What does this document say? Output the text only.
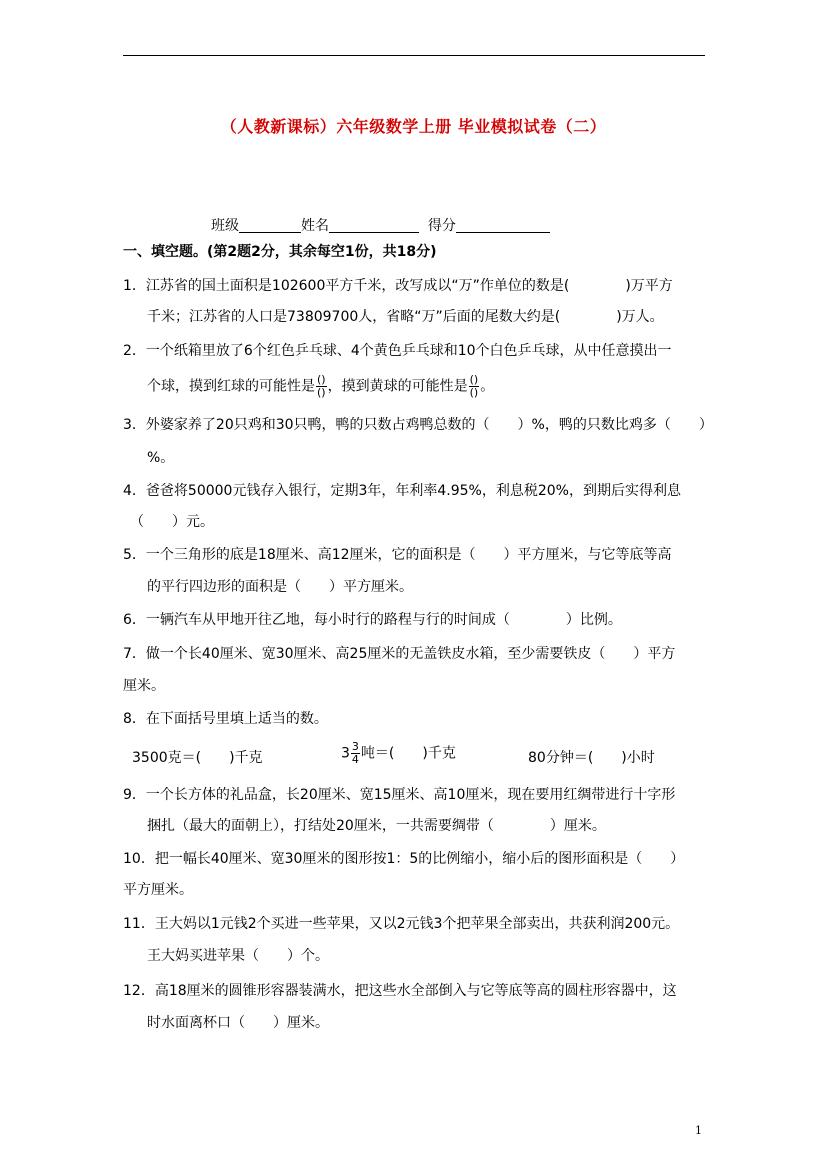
（人教新课标）六年级数学上册 毕业模拟试卷（二）
班级	姓名	得分
一、填空题。(第2题2分，其余每空1份，共18分)
1．江苏省的国土面积是102600平方千米，改写成以“万”作单位的数是(　　　　)万平方
千米；江苏省的人口是73809700人，省略“万”后面的尾数大约是(　　　　)万人。
2．一个纸箱里放了6个红色乒乓球、4个黄色乒乓球和10个白色乒乓球，从中任意摸出一
个球，摸到红球的可能性是 $\frac{()}{()}$ ，摸到黄球的可能性是 $\frac{()}{()}$ 。
3．外婆家养了20只鸡和30只鸭，鸭的只数占鸡鸭总数的（　　）%，鸭的只数比鸡多（　　）
%。
4．爸爸将50000元钱存入银行，定期3年，年利率4.95%，利息税20%，到期后实得利息
（　　）元。
5．一个三角形的底是18厘米、高12厘米，它的面积是（　　）平方厘米，与它等底等高
的平行四边形的面积是（　　）平方厘米。
6．一辆汽车从甲地开往乙地，每小时行的路程与行的时间成（　　　　）比例。
7．做一个长40厘米、宽30厘米、高25厘米的无盖铁皮水箱，至少需要铁皮（　　）平方
厘米。
8．在下面括号里填上适当的数。
3500克＝(　　)千克	$3 \frac{3}{4}$ 吨＝(　　)千克	80分钟＝(　　)小时
9．一个长方体的礼品盒，长20厘米、宽15厘米、高10厘米，现在要用红绸带进行十字形
捆扎（最大的面朝上），打结处20厘米，一共需要绸带（　　　　）厘米。
10．把一幅长40厘米、宽30厘米的图形按1：5的比例缩小，缩小后的图形面积是（　　）
平方厘米。
11．王大妈以1元钱2个买进一些苹果，又以2元钱3个把苹果全部卖出，共获利润200元。
王大妈买进苹果（　　）个。
12．高18厘米的圆锥形容器装满水，把这些水全部倒入与它等底等高的圆柱形容器中，这
时水面离杯口（　　）厘米。
1
